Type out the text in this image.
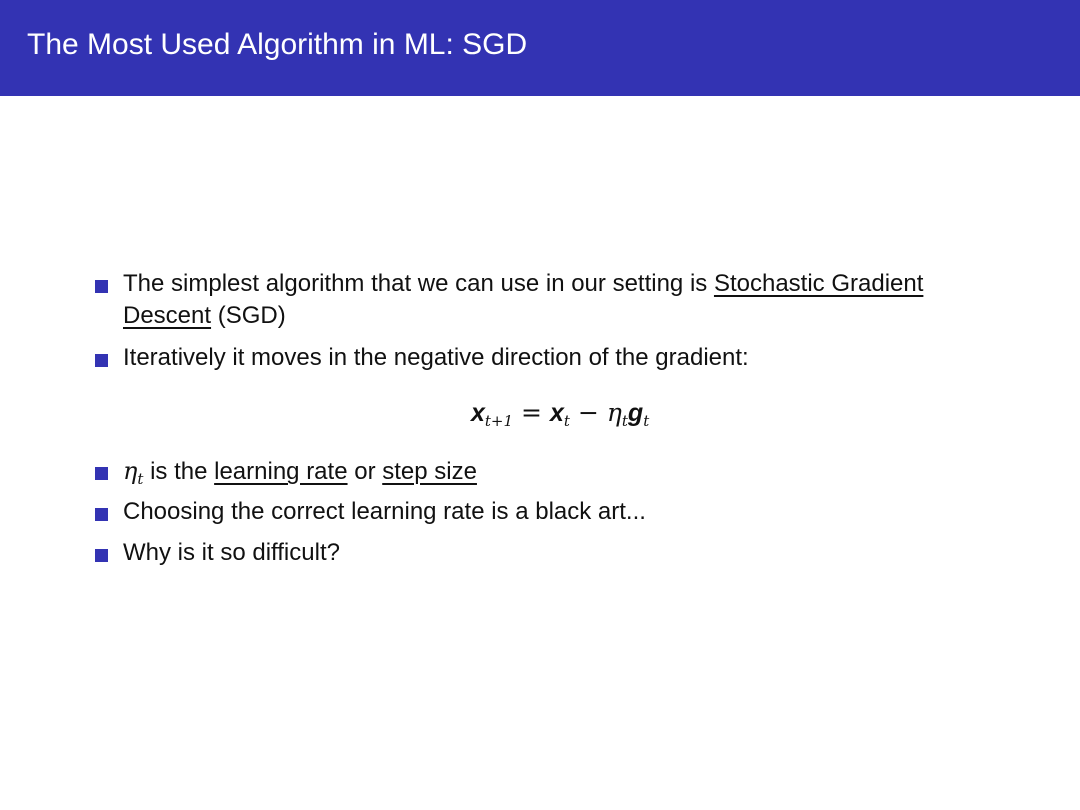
The Most Used Algorithm in ML: SGD
The simplest algorithm that we can use in our setting is Stochastic Gradient
Descent (SGD)
Iteratively it moves in the negative direction of the gradient:
$x_{t+1} = x_t - \eta_tg_t$
$\eta_t$ is the learning rate or step size
Choosing the correct learning rate is a black art...
Why is it so difficult?
